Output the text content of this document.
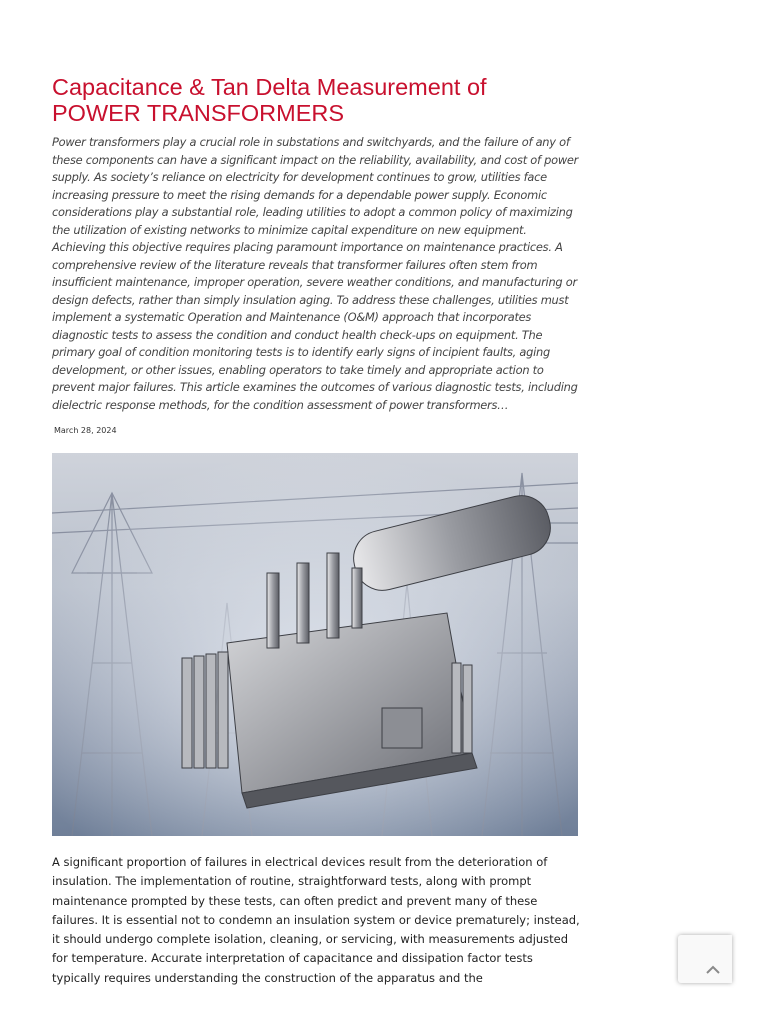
Capacitance & Tan Delta Measurement of
POWER TRANSFORMERS

Power transformers play a crucial role in substations and switchyards, and the failure of any of these components can have a significant impact on the reliability, availability, and cost of power supply. As society’s reliance on electricity for development continues to grow, utilities face increasing pressure to meet the rising demands for a dependable power supply. Economic considerations play a substantial role, leading utilities to adopt a common policy of maximizing the utilization of existing networks to minimize capital expenditure on new equipment. Achieving this objective requires placing paramount importance on maintenance practices. A comprehensive review of the literature reveals that transformer failures often stem from insufficient maintenance, improper operation, severe weather conditions, and manufacturing or design defects, rather than simply insulation aging. To address these challenges, utilities must implement a systematic Operation and Maintenance (O&M) approach that incorporates diagnostic tests to assess the condition and conduct health check-ups on equipment. The primary goal of condition monitoring tests is to identify early signs of incipient faults, aging development, or other issues, enabling operators to take timely and appropriate action to prevent major failures. This article examines the outcomes of various diagnostic tests, including dielectric response methods, for the condition assessment of power transformers…

March 28, 2024

A significant proportion of failures in electrical devices result from the deterioration of insulation. The implementation of routine, straightforward tests, along with prompt maintenance prompted by these tests, can often predict and prevent many of these failures. It is essential not to condemn an insulation system or device prematurely; instead, it should undergo complete isolation, cleaning, or servicing, with measurements adjusted for temperature. Accurate interpretation of capacitance and dissipation factor tests typically requires understanding the construction of the apparatus and the
